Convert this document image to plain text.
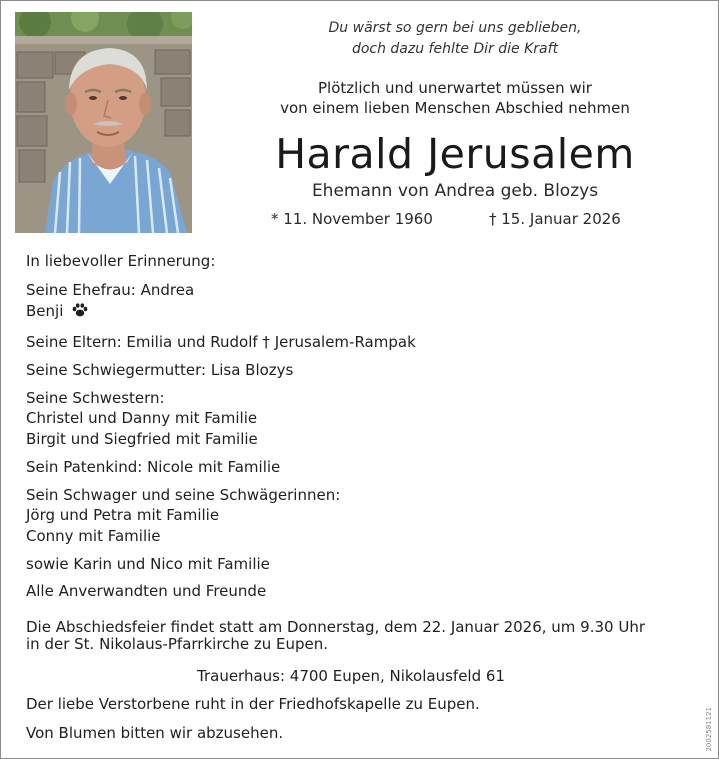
Du wärst so gern bei uns geblieben,
doch dazu fehlte Dir die Kraft
Plötzlich und unerwartet müssen wir
von einem lieben Menschen Abschied nehmen
Harald Jerusalem
Ehemann von Andrea geb. Blozys
* 11. November 1960	† 15. Januar 2026
In liebevoller Erinnerung:
Seine Ehefrau: Andrea
Benji
Seine Eltern: Emilia und Rudolf † Jerusalem-Rampak
Seine Schwiegermutter: Lisa Blozys
Seine Schwestern:
Christel und Danny mit Familie
Birgit und Siegfried mit Familie
Sein Patenkind: Nicole mit Familie
Sein Schwager und seine Schwägerinnen:
Jörg und Petra mit Familie
Conny mit Familie
sowie Karin und Nico mit Familie
Alle Anverwandten und Freunde
Die Abschiedsfeier findet statt am Donnerstag, dem 22. Januar 2026, um 9.30 Uhr
in der St. Nikolaus-Pfarrkirche zu Eupen.
Trauerhaus: 4700 Eupen, Nikolausfeld 61
Der liebe Verstorbene ruht in der Friedhofskapelle zu Eupen.
Von Blumen bitten wir abzusehen.	2002581121
